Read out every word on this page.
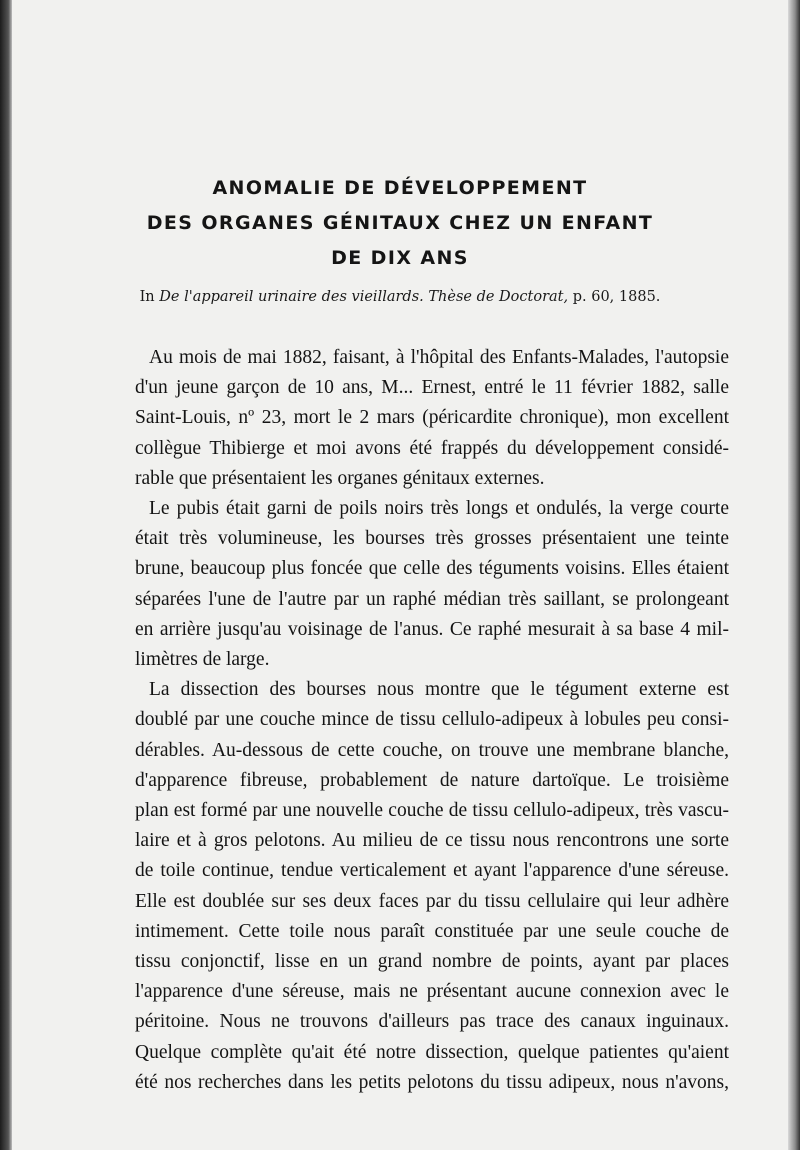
ANOMALIE DE DÉVELOPPEMENT
DES ORGANES GÉNITAUX CHEZ UN ENFANT
DE DIX ANS

In De l'appareil urinaire des vieillards. Thèse de Doctorat, p. 60, 1885.

Au mois de mai 1882, faisant, à l'hôpital des Enfants-Malades, l'autopsie
d'un jeune garçon de 10 ans, M... Ernest, entré le 11 février 1882, salle
Saint-Louis, nº 23, mort le 2 mars (péricardite chronique), mon excellent
collègue Thibierge et moi avons été frappés du développement considé-
rable que présentaient les organes génitaux externes.

Le pubis était garni de poils noirs très longs et ondulés, la verge courte
était très volumineuse, les bourses très grosses présentaient une teinte
brune, beaucoup plus foncée que celle des téguments voisins. Elles étaient
séparées l'une de l'autre par un raphé médian très saillant, se prolongeant
en arrière jusqu'au voisinage de l'anus. Ce raphé mesurait à sa base 4 mil-
limètres de large.

La dissection des bourses nous montre que le tégument externe est
doublé par une couche mince de tissu cellulo-adipeux à lobules peu consi-
dérables. Au-dessous de cette couche, on trouve une membrane blanche,
d'apparence fibreuse, probablement de nature dartoïque. Le troisième
plan est formé par une nouvelle couche de tissu cellulo-adipeux, très vascu-
laire et à gros pelotons. Au milieu de ce tissu nous rencontrons une sorte
de toile continue, tendue verticalement et ayant l'apparence d'une séreuse.
Elle est doublée sur ses deux faces par du tissu cellulaire qui leur adhère
intimement. Cette toile nous paraît constituée par une seule couche de
tissu conjonctif, lisse en un grand nombre de points, ayant par places
l'apparence d'une séreuse, mais ne présentant aucune connexion avec le
péritoine. Nous ne trouvons d'ailleurs pas trace des canaux inguinaux.
Quelque complète qu'ait été notre dissection, quelque patientes qu'aient
été nos recherches dans les petits pelotons du tissu adipeux, nous n'avons,
